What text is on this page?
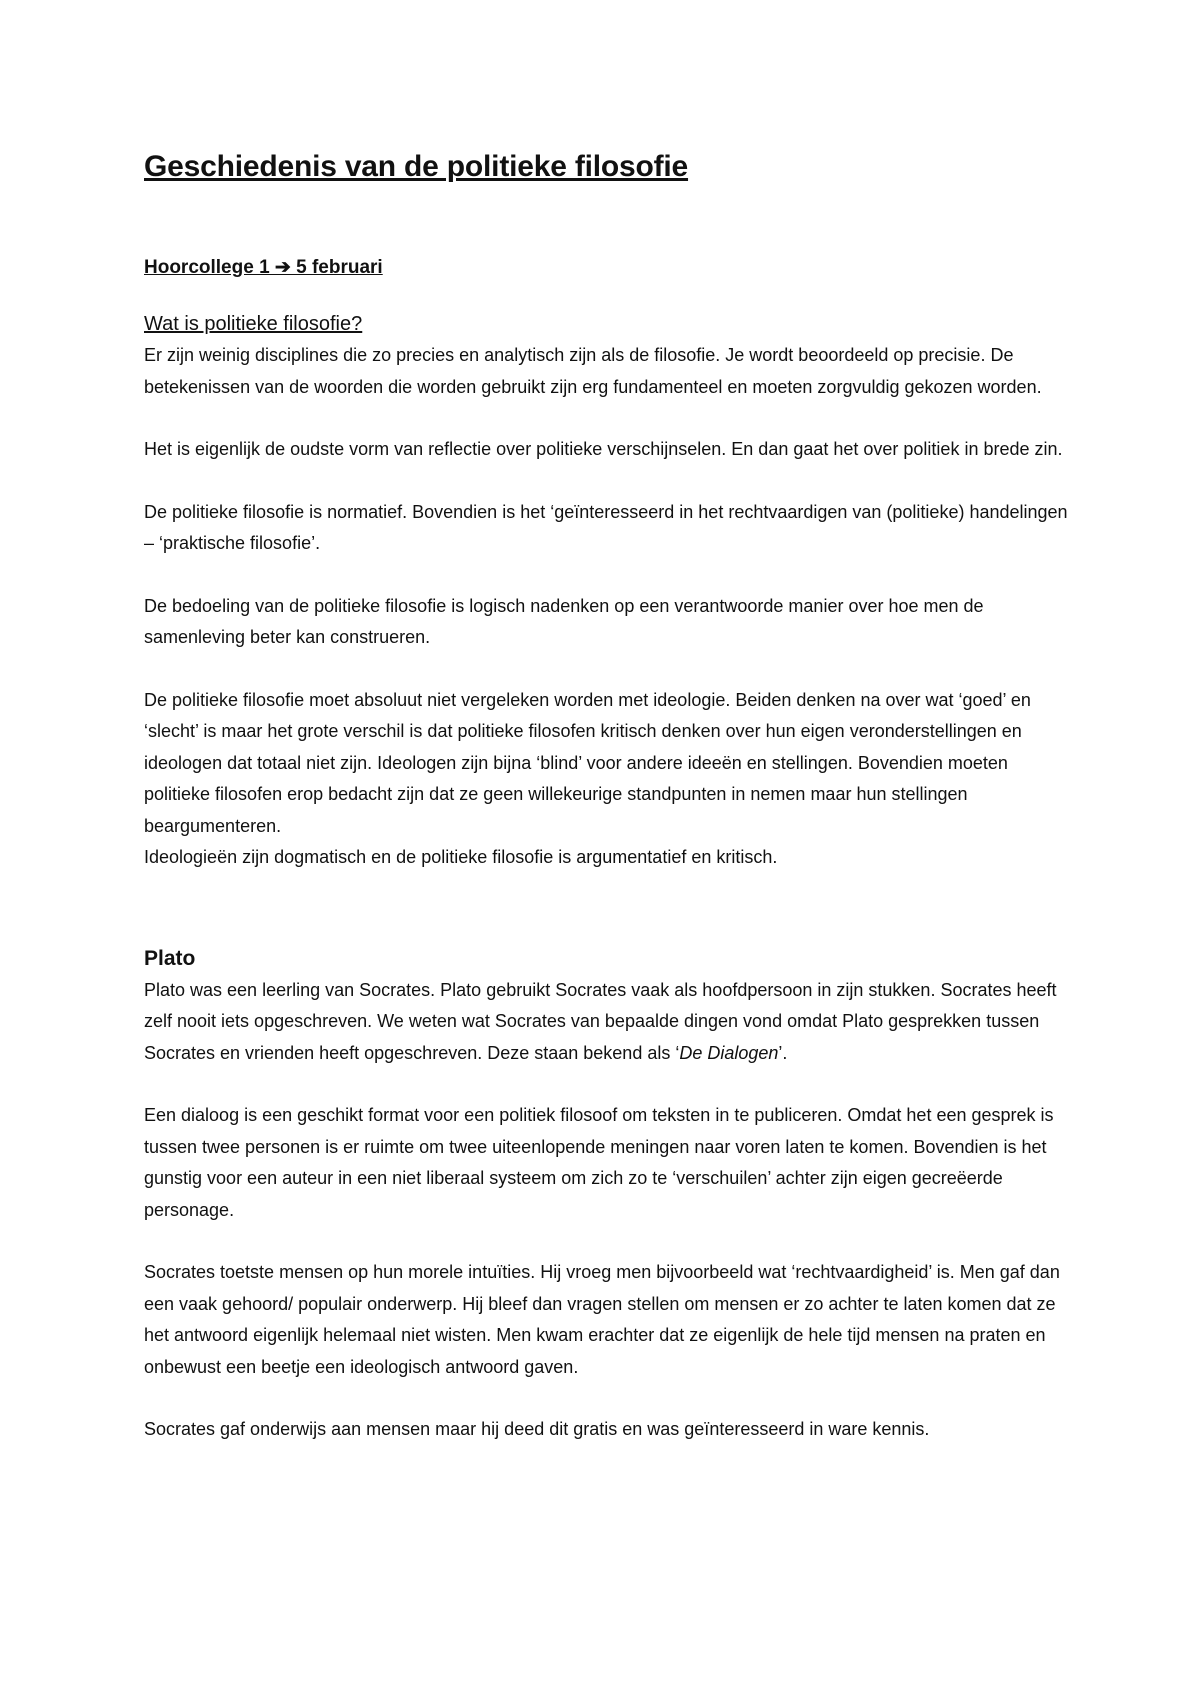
Geschiedenis van de politieke filosofie
Hoorcollege 1 ➔ 5 februari
Wat is politieke filosofie?

Er zijn weinig disciplines die zo precies en analytisch zijn als de filosofie. Je wordt beoordeeld op precisie. De betekenissen van de woorden die worden gebruikt zijn erg fundamenteel en moeten zorgvuldig gekozen worden.

Het is eigenlijk de oudste vorm van reflectie over politieke verschijnselen. En dan gaat het over politiek in brede zin.

De politieke filosofie is normatief. Bovendien is het ‘geïnteresseerd in het rechtvaardigen van (politieke) handelingen – ‘praktische filosofie’.

De bedoeling van de politieke filosofie is logisch nadenken op een verantwoorde manier over hoe men de samenleving beter kan construeren.

De politieke filosofie moet absoluut niet vergeleken worden met ideologie. Beiden denken na over wat ‘goed’ en ‘slecht’ is maar het grote verschil is dat politieke filosofen kritisch denken over hun eigen veronderstellingen en ideologen dat totaal niet zijn. Ideologen zijn bijna ‘blind’ voor andere ideeën en stellingen. Bovendien moeten politieke filosofen erop bedacht zijn dat ze geen willekeurige standpunten in nemen maar hun stellingen beargumenteren.

Ideologieën zijn dogmatisch en de politieke filosofie is argumentatief en kritisch.

Plato

Plato was een leerling van Socrates. Plato gebruikt Socrates vaak als hoofdpersoon in zijn stukken. Socrates heeft zelf nooit iets opgeschreven. We weten wat Socrates van bepaalde dingen vond omdat Plato gesprekken tussen Socrates en vrienden heeft opgeschreven. Deze staan bekend als ‘De Dialogen’.

Een dialoog is een geschikt format voor een politiek filosoof om teksten in te publiceren. Omdat het een gesprek is tussen twee personen is er ruimte om twee uiteenlopende meningen naar voren laten te komen. Bovendien is het gunstig voor een auteur in een niet liberaal systeem om zich zo te ‘verschuilen’ achter zijn eigen gecreëerde personage.

Socrates toetste mensen op hun morele intuïties. Hij vroeg men bijvoorbeeld wat ‘rechtvaardigheid’ is. Men gaf dan een vaak gehoord/ populair onderwerp. Hij bleef dan vragen stellen om mensen er zo achter te laten komen dat ze het antwoord eigenlijk helemaal niet wisten. Men kwam erachter dat ze eigenlijk de hele tijd mensen na praten en onbewust een beetje een ideologisch antwoord gaven.

Socrates gaf onderwijs aan mensen maar hij deed dit gratis en was geïnteresseerd in ware kennis.
